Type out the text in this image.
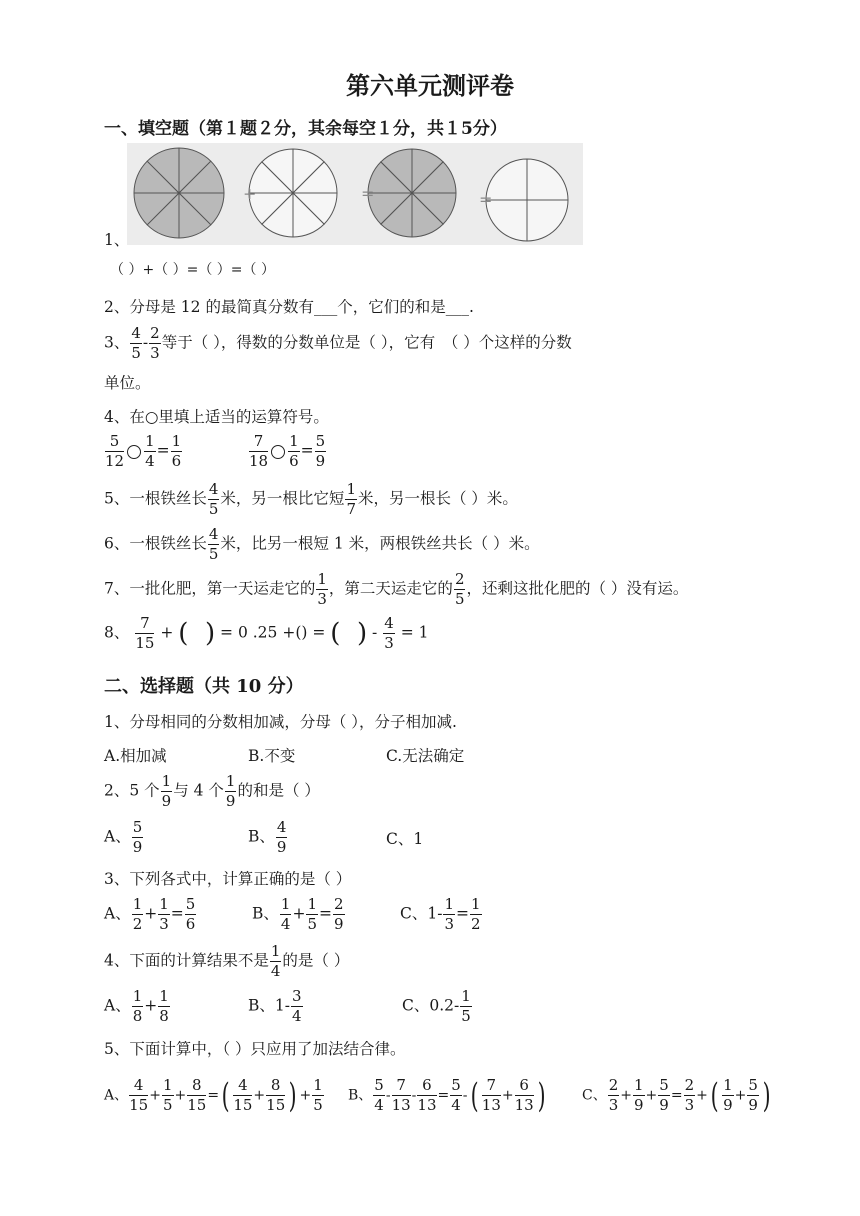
第六单元测评卷
一、填空题（第１题２分，其余每空１分，共１5分）
+	=	=
1、
（ ）+（ ）=（ ）=（ ）
2、分母是 12 的最简真分数有___个，它们的和是___.
3、 $\frac{4}{5} - \frac{2}{3}$ 等于（ ），得数的分数单位是（ ），它有　（ ）个这样的分数
单位。
4、在○里填上适当的运算符号。
$\frac{5}{12} \frac{1}{4} = \frac{1}{6}$	$\frac{7}{18} \frac{1}{6} = \frac{5}{9}$
5、一根铁丝长 $\frac{4}{5}$ 米，另一根比它短 $\frac{1}{7}$ 米，另一根长（ ）米。
6、一根铁丝长 $\frac{4}{5}$ 米，比另一根短 1 米，两根铁丝共长（ ）米。
7、一批化肥，第一天运走它的 $\frac{1}{3}$ ，第二天运走它的 $\frac{2}{5}$ ，还剩这批化肥的（ ）没有运。
8、 $\frac{7}{15}$ + (  ) = 0 .25 +() = (  ) - $\frac{4}{3} = 1$
二、选择题（共 10 分）
1、分母相同的分数相加减，分母（ ），分子相加减.
A.相加减	B.不变	C.无法确定
2、5 个 $\frac{1}{9}$ 与 4 个 $\frac{1}{9}$ 的和是（ ）
A、 $\frac{5}{9}$	B、 $\frac{4}{9}$	C、1
3、下列各式中，计算正确的是（ ）
A、 $\frac{1}{2} + \frac{1}{3} = \frac{5}{6}$	B、 $\frac{1}{4} + \frac{1}{5} = \frac{2}{9}$	C、$1- \frac{1}{3} = \frac{1}{2}$
4、下面的计算结果不是 $\frac{1}{4}$ 的是（ ）
A、 $\frac{1}{8} + \frac{1}{8}$	B、$1- \frac{3}{4}$	C、$0.2- \frac{1}{5}$
5、下面计算中，（ ）只应用了加法结合律。
A、 $\frac{4}{15} + \frac{1}{5} + \frac{8}{15}$ =( $\frac{4}{15} + \frac{8}{15}$ ) + $\frac{1}{5}$ B、 $\frac{5}{4} - \frac{7}{13} - \frac{6}{13} = \frac{5}{4}$ -( $\frac{7}{13} + \frac{6}{13}$ )	C、 $\frac{2}{3} + \frac{1}{9} + \frac{5}{9} = \frac{2}{3}$ +( $\frac{1}{9} + \frac{5}{9}$ )
